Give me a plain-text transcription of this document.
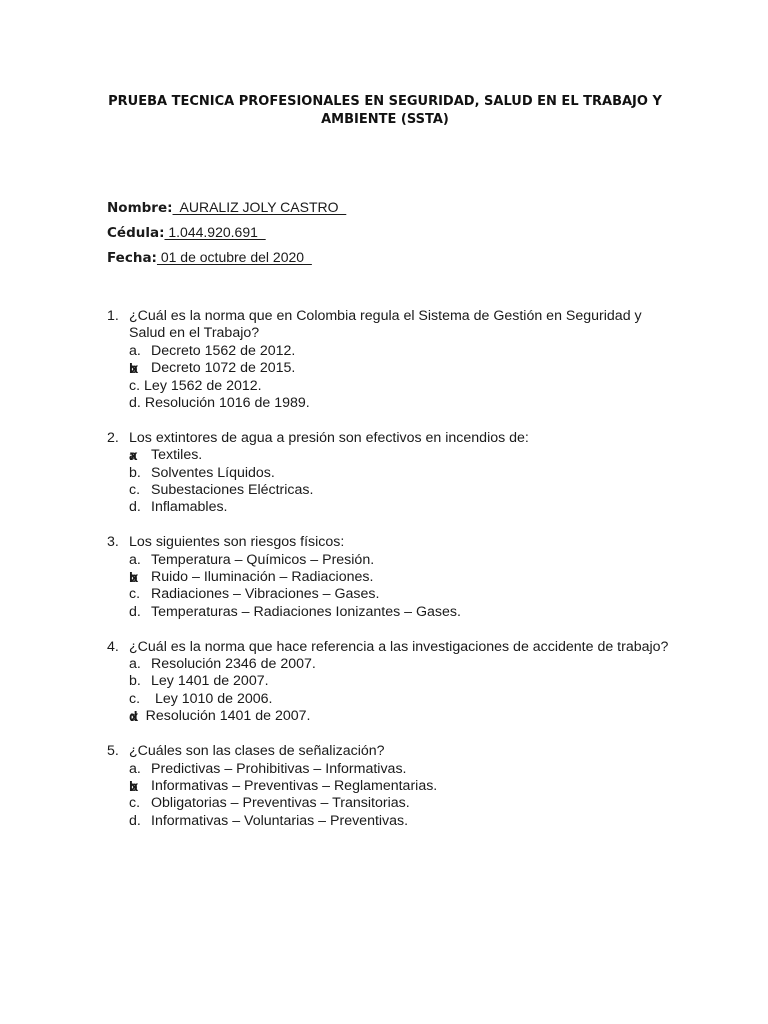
PRUEBA TECNICA PROFESIONALES EN SEGURIDAD, SALUD EN EL TRABAJO Y
AMBIENTE (SSTA)
Nombre:  AURALIZ JOLY CASTRO
Cédula: 1.044.920.691
Fecha: 01 de octubre del 2020
1. ¿Cuál es la norma que en Colombia regula el Sistema de Gestión en Seguridad y Salud en el Trabajo?
a. Decreto 1562 de 2012.
bx Decreto 1072 de 2015.
c. Ley 1562 de 2012.
d. Resolución 1016 de 1989.
2. Los extintores de agua a presión son efectivos en incendios de:
ax Textiles.
b. Solventes Líquidos.
c. Subestaciones Eléctricas.
d. Inflamables.
3. Los siguientes son riesgos físicos:
a. Temperatura – Químicos – Presión.
bx Ruido – Iluminación – Radiaciones.
c. Radiaciones – Vibraciones – Gases.
d. Temperaturas – Radiaciones Ionizantes – Gases.
4. ¿Cuál es la norma que hace referencia a las investigaciones de accidente de trabajo?
a. Resolución 2346 de 2007.
b. Ley 1401 de 2007.
c. Ley 1010 de 2006.
dx Resolución 1401 de 2007.
5. ¿Cuáles son las clases de señalización?
a. Predictivas – Prohibitivas – Informativas.
bx Informativas – Preventivas – Reglamentarias.
c. Obligatorias – Preventivas – Transitorias.
d. Informativas – Voluntarias – Preventivas.
